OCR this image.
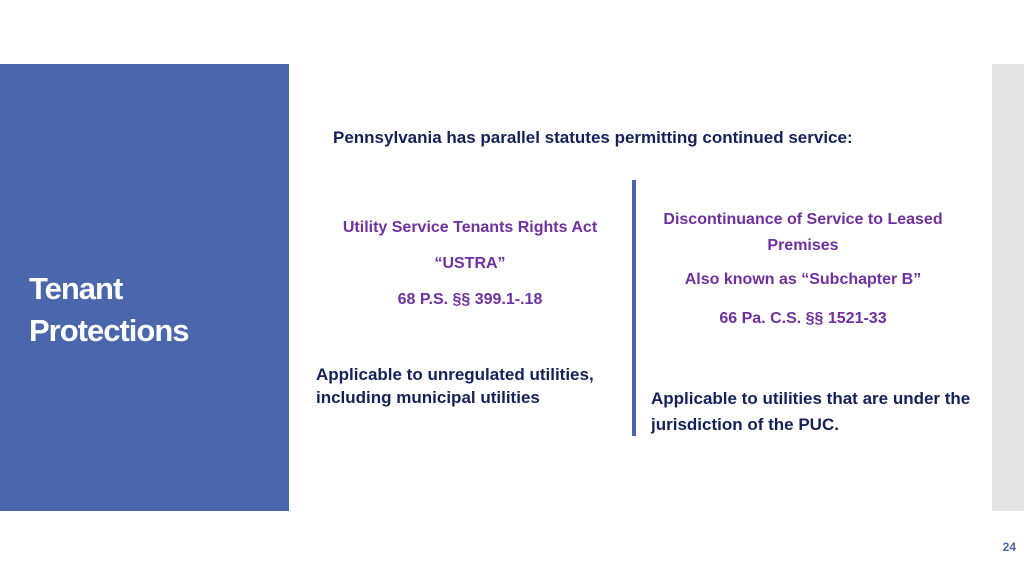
Tenant Protections
Pennsylvania has parallel statutes permitting continued service:
Utility Service Tenants Rights Act
“USTRA”
68 P.S. §§ 399.1-.18
Applicable to unregulated utilities, including municipal utilities
Discontinuance of Service to Leased Premises
Also known as “Subchapter B”
66 Pa. C.S. §§ 1521-33
Applicable to utilities that are under the jurisdiction of the PUC.
24
